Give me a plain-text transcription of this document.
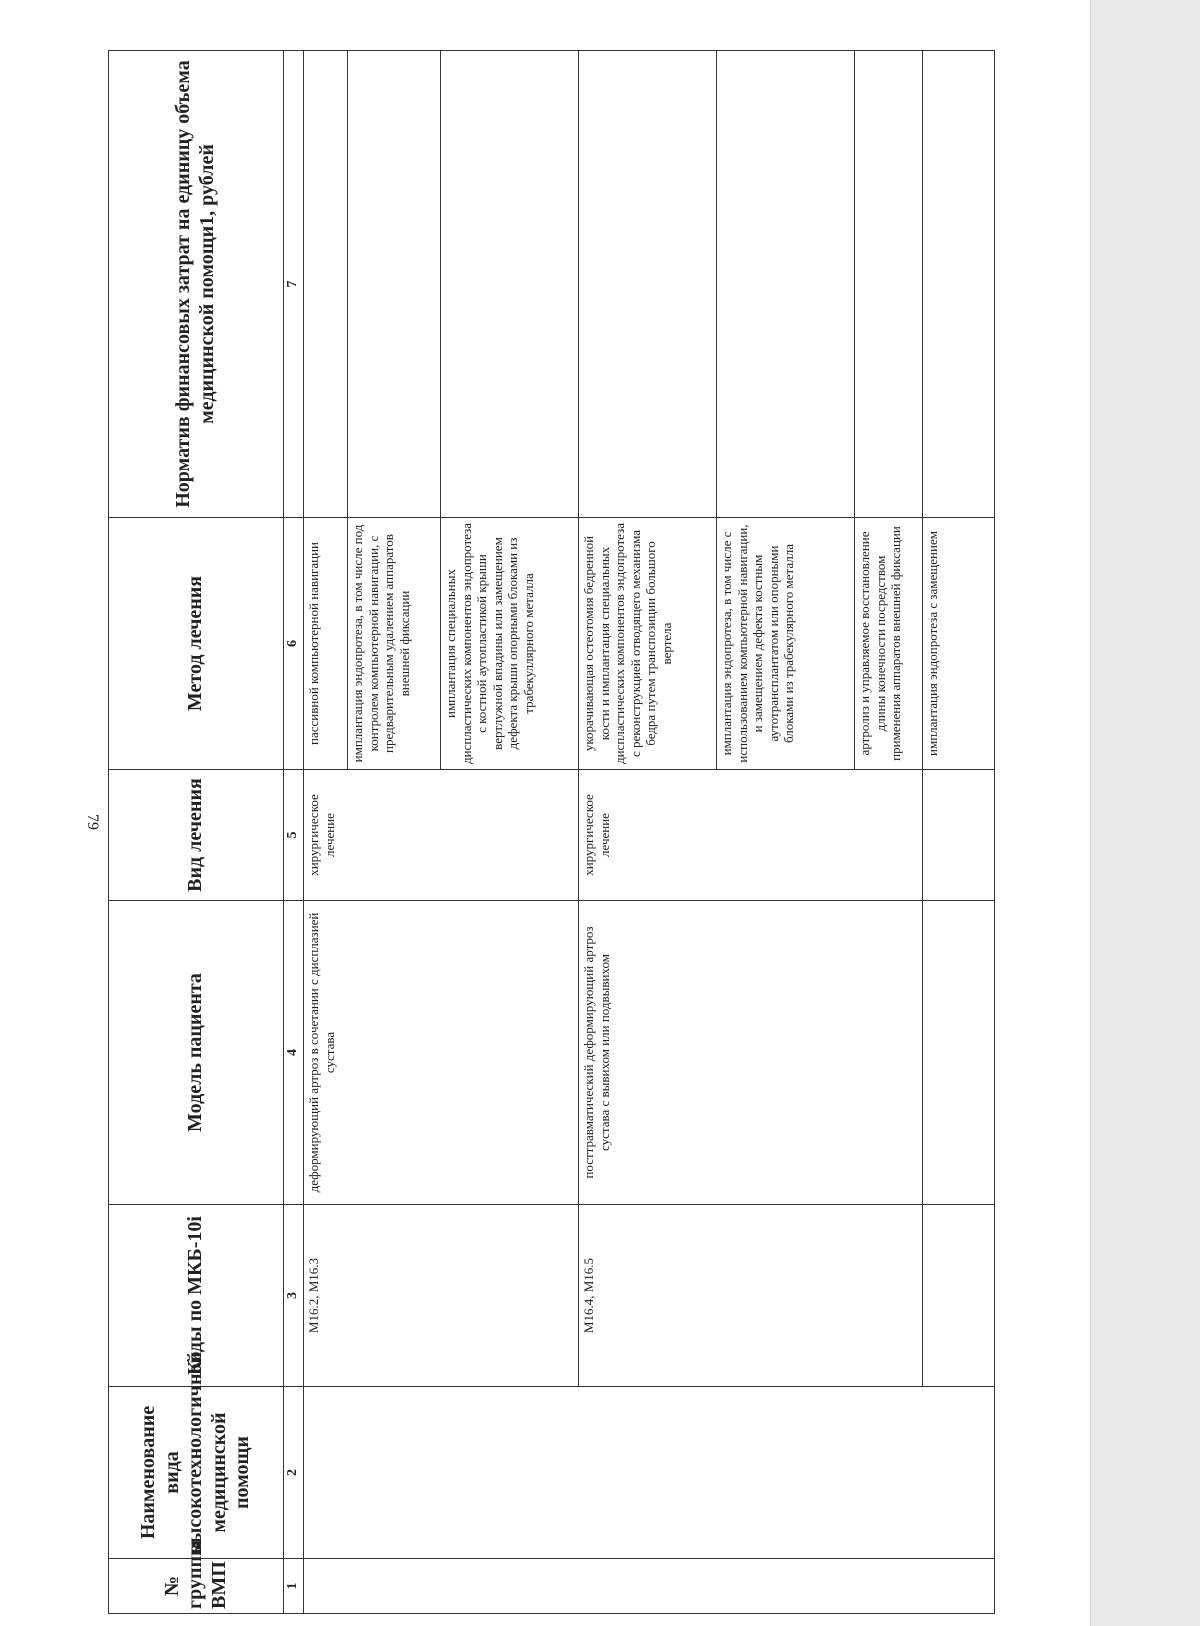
79
№ группы ВМП	Наименование вида высокотехнологичной медицинской помощи	Коды по МКБ-10і	Модель пациента	Вид лечения	Метод лечения	Норматив финансовых затрат на единицу объема медицинской помощи1, рублей
1	2	3	4	5	6	7
		M16.2, M16.3	деформирующий артроз в сочетании с дисплазией сустава	хирургическое лечение	пассивной компьютерной навигации	
					имплантация эндопротеза, в том числе под контролем компьютерной навигации, с предварительным удалением аппаратов внешней фиксации	
					имплантация специальных диспластических компонентов эндопротеза с костной аутопластикой крыши вертлужной впадины или замещением дефекта крыши опорными блоками из трабекуллярного металла	
		M16.4, M16.5	посттравматический деформирующий артроз сустава с вывихом или подвывихом	хирургическое лечение	укорачивающая остеотомия бедренной кости и имплантация специальных диспластических компонентов эндопротеза с реконструкцией отводящего механизма бедра путем транспозиции большого вертела	
					имплантация эндопротеза, в том числе с использованием компьютерной навигации, и замещением дефекта костным аутотрансплантатом или опорными блоками из трабекулярного металла	
					артролиз и управляемое восстановление длины конечности посредством применения аппаратов внешней фиксации	
					имплантация эндопротеза с замещением	
